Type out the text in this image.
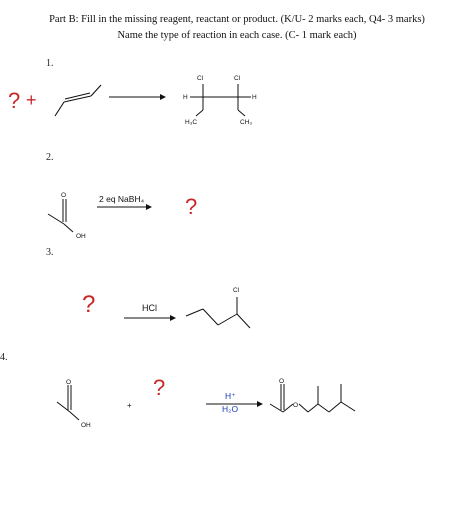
Part B: Fill in the missing reagent, reactant or product. (K/U- 2 marks each, Q4- 3 marks)
Name the type of reaction in each case. (C- 1 mark each)
1.
2.
3.
4.
? +
Cl	Cl
H	H
H₃C	CH₃
O
OH
2 eq NaBH₄ ?
?	HCl
Cl
O
OH
+
?	H⁺
H₂O
O
O
